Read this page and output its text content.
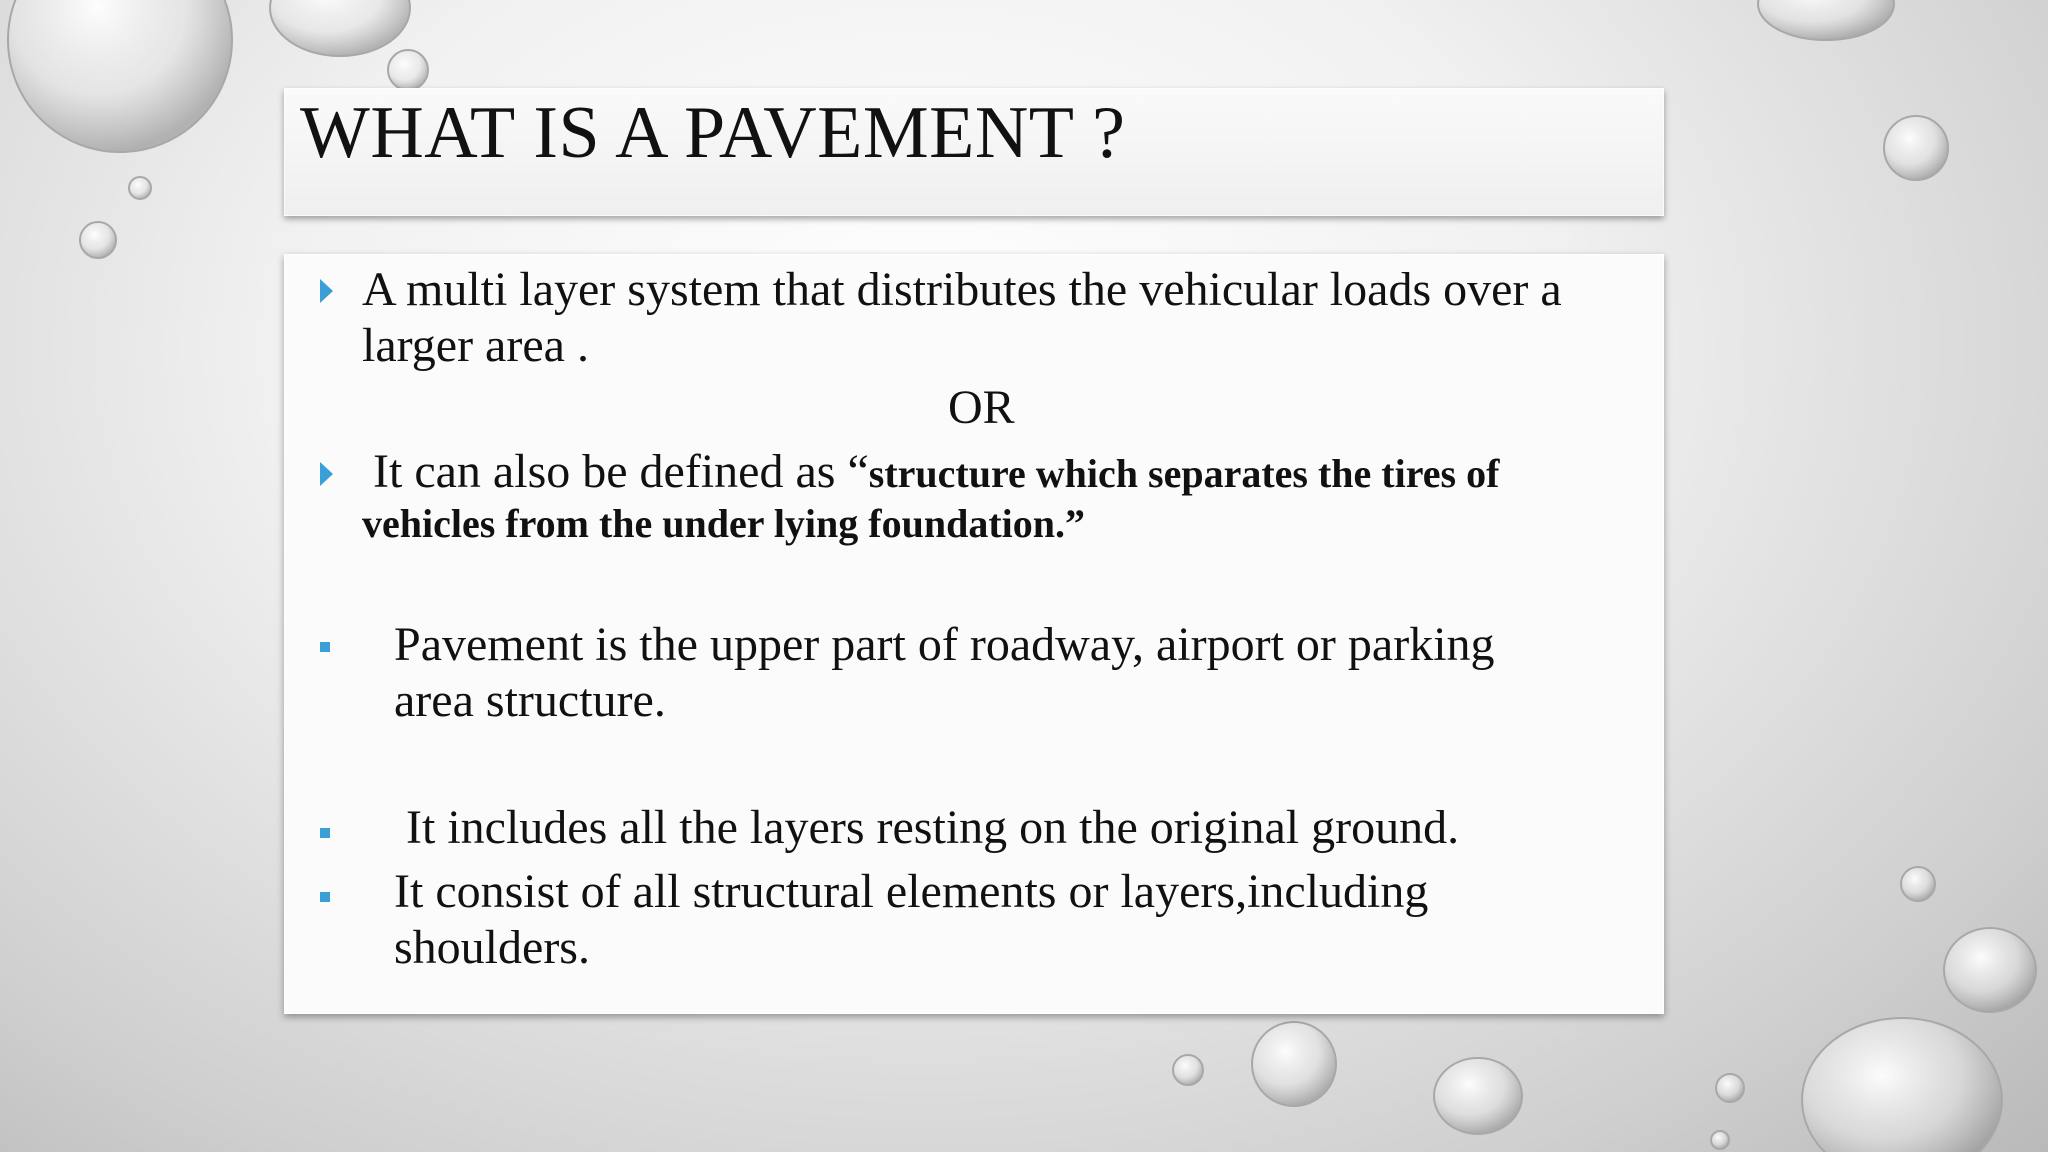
WHAT IS A PAVEMENT ?
A multi layer system that distributes the vehicular loads over a
larger area .
OR
It can also be defined as “structure which separates the tires of
vehicles from the under lying foundation.”
Pavement is the upper part of roadway, airport or parking
area structure.
It includes all the layers resting on the original ground.
It consist of all structural elements or layers,including
shoulders.
